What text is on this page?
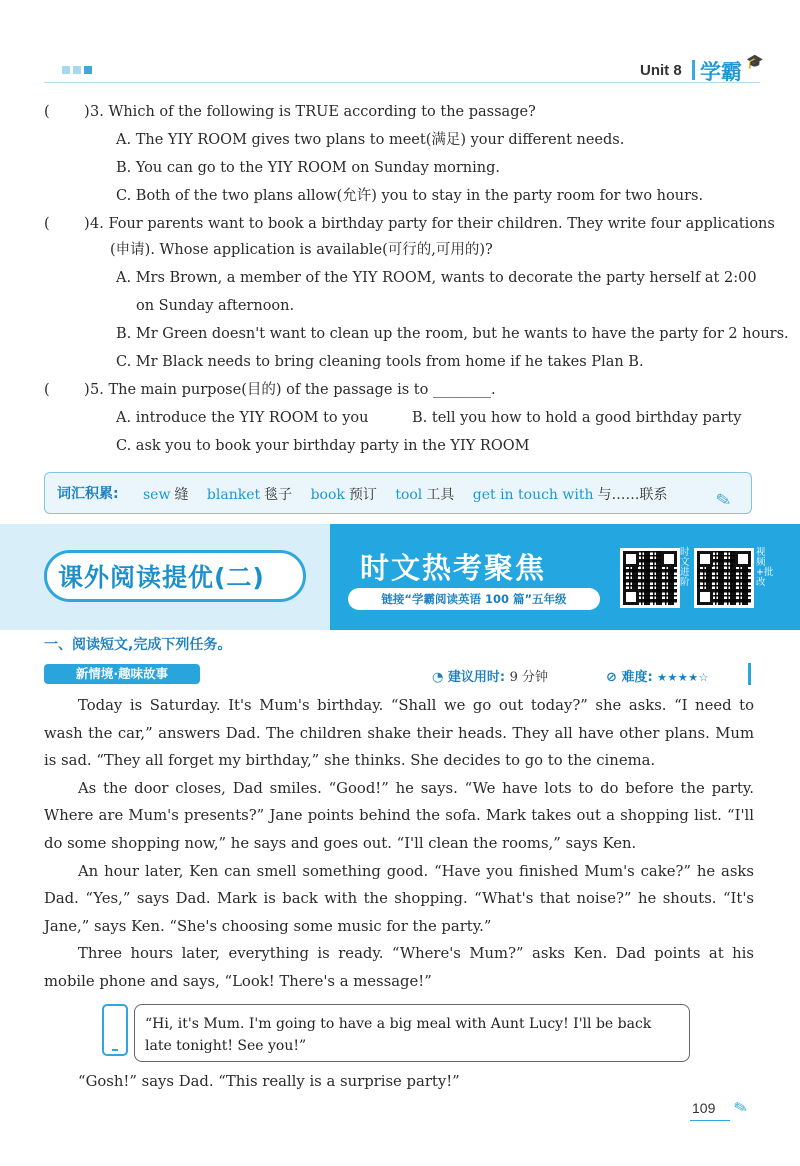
Unit 8 学霸 🎓
( ) 3. Which of the following is TRUE according to the passage?
A. The YIY ROOM gives two plans to meet(满足) your different needs.
B. You can go to the YIY ROOM on Sunday morning.
C. Both of the two plans allow(允许) you to stay in the party room for two hours.
( ) 4. Four parents want to book a birthday party for their children. They write four applications
(申请). Whose application is available(可行的,可用的)?
A. Mrs Brown, a member of the YIY ROOM, wants to decorate the party herself at 2:00
on Sunday afternoon.
B. Mr Green doesn't want to clean up the room, but he wants to have the party for 2 hours.
C. Mr Black needs to bring cleaning tools from home if he takes Plan B.
( ) 5. The main purpose(目的) of the passage is to ________.
A. introduce the YIY ROOM to you	B. tell you how to hold a good birthday party
C. ask you to book your birthday party in the YIY ROOM
词汇积累: sew 缝 blanket 毯子 book 预订 tool 工具 get in touch with 与……联系	✎
课外阅读提优(二)	时文热考聚焦
链接“学霸阅读英语 100 篇”五年级
时文进阶
视频+批改
一、阅读短文,完成下列任务。
新情境·趣味故事	◔ 建议用时: 9 分钟	⊘ 难度: ★★★★☆

Today is Saturday. It's Mum's birthday. “Shall we go out today?” she asks. “I need to wash the car,” answers Dad. The children shake their heads. They all have other plans. Mum is sad. “They all forget my birthday,” she thinks. She decides to go to the cinema.

As the door closes, Dad smiles. “Good!” he says. “We have lots to do before the party. Where are Mum's presents?” Jane points behind the sofa. Mark takes out a shopping list. “I'll do some shopping now,” he says and goes out. “I'll clean the rooms,” says Ken.

An hour later, Ken can smell something good. “Have you finished Mum's cake?” he asks Dad. “Yes,” says Dad. Mark is back with the shopping. “What's that noise?” he shouts. “It's Jane,” says Ken. “She's choosing some music for the party.”

Three hours later, everything is ready. “Where's Mum?” asks Ken. Dad points at his mobile phone and says, “Look! There's a message!”

“Hi, it's Mum. I'm going to have a big meal with Aunt Lucy! I'll be back late tonight! See you!”

“Gosh!” says Dad. “This really is a surprise party!”

109 ✎
